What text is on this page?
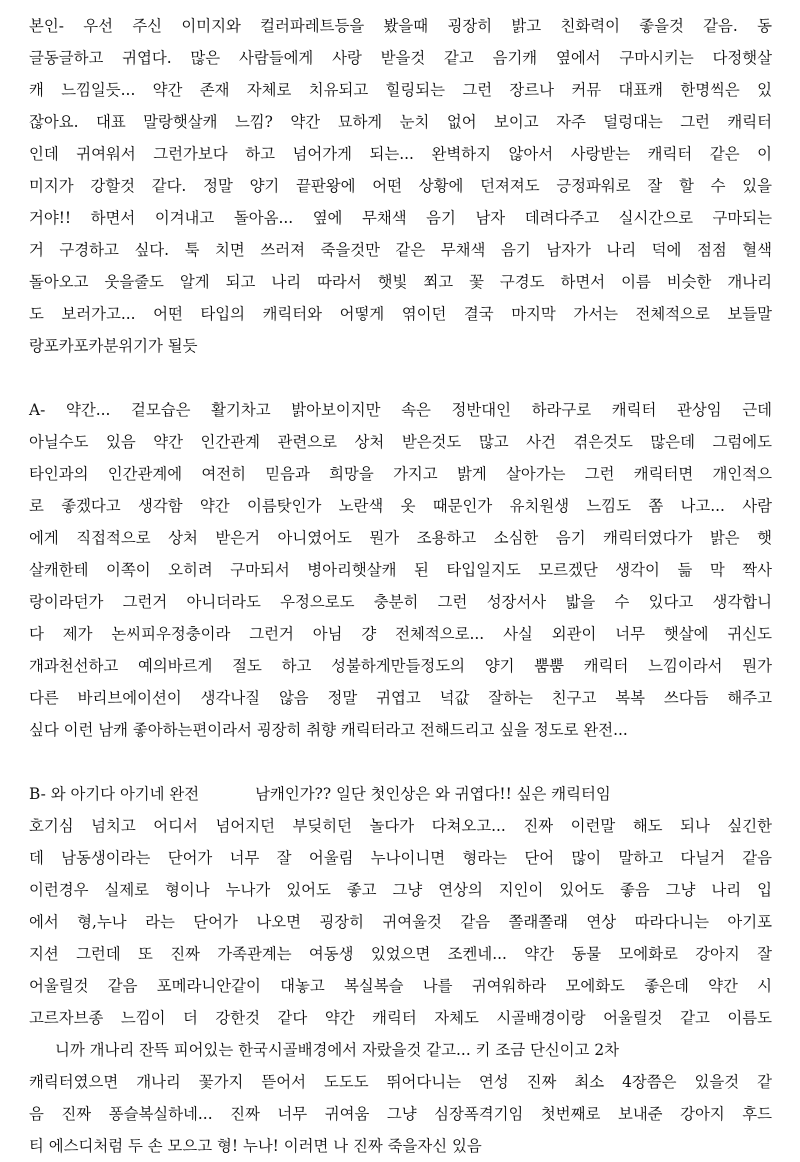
본인- 우선 주신 이미지와 컬러파레트등을 봤을때 굉장히 밝고 친화력이 좋을것 같음. 동
글동글하고 귀엽다. 많은 사람들에게 사랑 받을것 같고 음기캐 옆에서 구마시키는 다정햇살
캐 느낌일듯... 약간 존재 자체로 치유되고 힐링되는 그런 장르나 커뮤 대표캐 한명씩은 있
잖아요. 대표 말랑햇살캐 느낌? 약간 묘하게 눈치 없어 보이고 자주 덜렁대는 그런 캐릭터
인데 귀여워서 그런가보다 하고 넘어가게 되는... 완벽하지 않아서 사랑받는 캐릭터 같은 이
미지가 강할것 같다. 정말 양기 끝판왕에 어떤 상황에 던져져도 긍정파워로 잘 할 수 있을
거야!! 하면서 이겨내고 돌아옴... 옆에 무채색 음기 남자 데려다주고 실시간으로 구마되는
거 구경하고 싶다. 툭 치면 쓰러져 죽을것만 같은 무채색 음기 남자가 나리 덕에 점점 혈색
돌아오고 웃을줄도 알게 되고 나리 따라서 햇빛 쬐고 꽃 구경도 하면서 이름 비슷한 개나리
도 보러가고... 어떤 타입의 캐릭터와 어떻게 엮이던 결국 마지막 가서는 전체적으로 보들말
랑포카포카분위기가 될듯
A- 약간... 겉모습은 활기차고 밝아보이지만 속은 정반대인 하라구로 캐릭터 관상임 근데
아닐수도 있음 약간 인간관계 관련으로 상처 받은것도 많고 사건 겪은것도 많은데 그럼에도
타인과의 인간관계에 여전히 믿음과 희망을 가지고 밝게 살아가는 그런 캐릭터면 개인적으
로 좋겠다고 생각함 약간 이름탓인가 노란색 옷 때문인가 유치원생 느낌도 쫌 나고... 사람
에게 직접적으로 상처 받은거 아니였어도 뭔가 조용하고 소심한 음기 캐릭터였다가 밝은 햇
살캐한테 이쪽이 오히려 구마되서 병아리햇살캐 된 타입일지도 모르겠단 생각이 듦 막 짝사
랑이라던가 그런거 아니더라도 우정으로도 충분히 그런 성장서사 밟을 수 있다고 생각합니
다 제가 논씨피우정충이라 그런거 아님 걍 전체적으로... 사실 외관이 너무 햇살에 귀신도
개과천선하고 예의바르게 절도 하고 성불하게만들정도의 양기 뿜뿜 캐릭터 느낌이라서 뭔가
다른 바리브에이션이 생각나질 않음 정말 귀엽고 넉값 잘하는 친구고 복복 쓰다듬 해주고
싶다 이런 남캐 좋아하는편이라서 굉장히 취향 캐릭터라고 전해드리고 싶을 정도로 완전...
B- 와 아기다 아기네 완전	남캐인가?? 일단 첫인상은 와 귀엽다!! 싶은 캐릭터임
호기심 넘치고 어디서 넘어지던 부딪히던 놀다가 다쳐오고... 진짜 이런말 해도 되나 싶긴한
데 남동생이라는 단어가 너무 잘 어울림 누나이니면 형라는 단어 많이 말하고 다닐거 같음
이런경우 실제로 형이나 누나가 있어도 좋고 그냥 연상의 지인이 있어도 좋음 그냥 나리 입
에서 형,누나 라는 단어가 나오면 굉장히 귀여울것 같음 쫄래쫄래 연상 따라다니는 아기포
지션 그런데 또 진짜 가족관계는 여동생 있었으면 조켄네... 약간 동물 모에화로 강아지 잘
어울릴것 같음 포메라니안같이 대놓고 복실복슬 나를 귀여워하라 모에화도 좋은데 약간 시
고르자브종 느낌이 더 강한것 같다 약간 캐릭터 자체도 시골배경이랑 어울릴것 같고 이름도
니까 개나리 잔뜩 피어있는 한국시골배경에서 자랐을것 같고... 키 조금 단신이고 2차
캐릭터였으면 개나리 꽃가지 뜯어서 도도도 뛰어다니는 연성 진짜 최소 4장쯤은 있을것 같
음 진짜 퐁슬복실하네... 진짜 너무 귀여움 그냥 심장폭격기임 첫번째로 보내준 강아지 후드
티 에스디처럼 두 손 모으고 형! 누나! 이러면 나 진짜 죽을자신 있음
